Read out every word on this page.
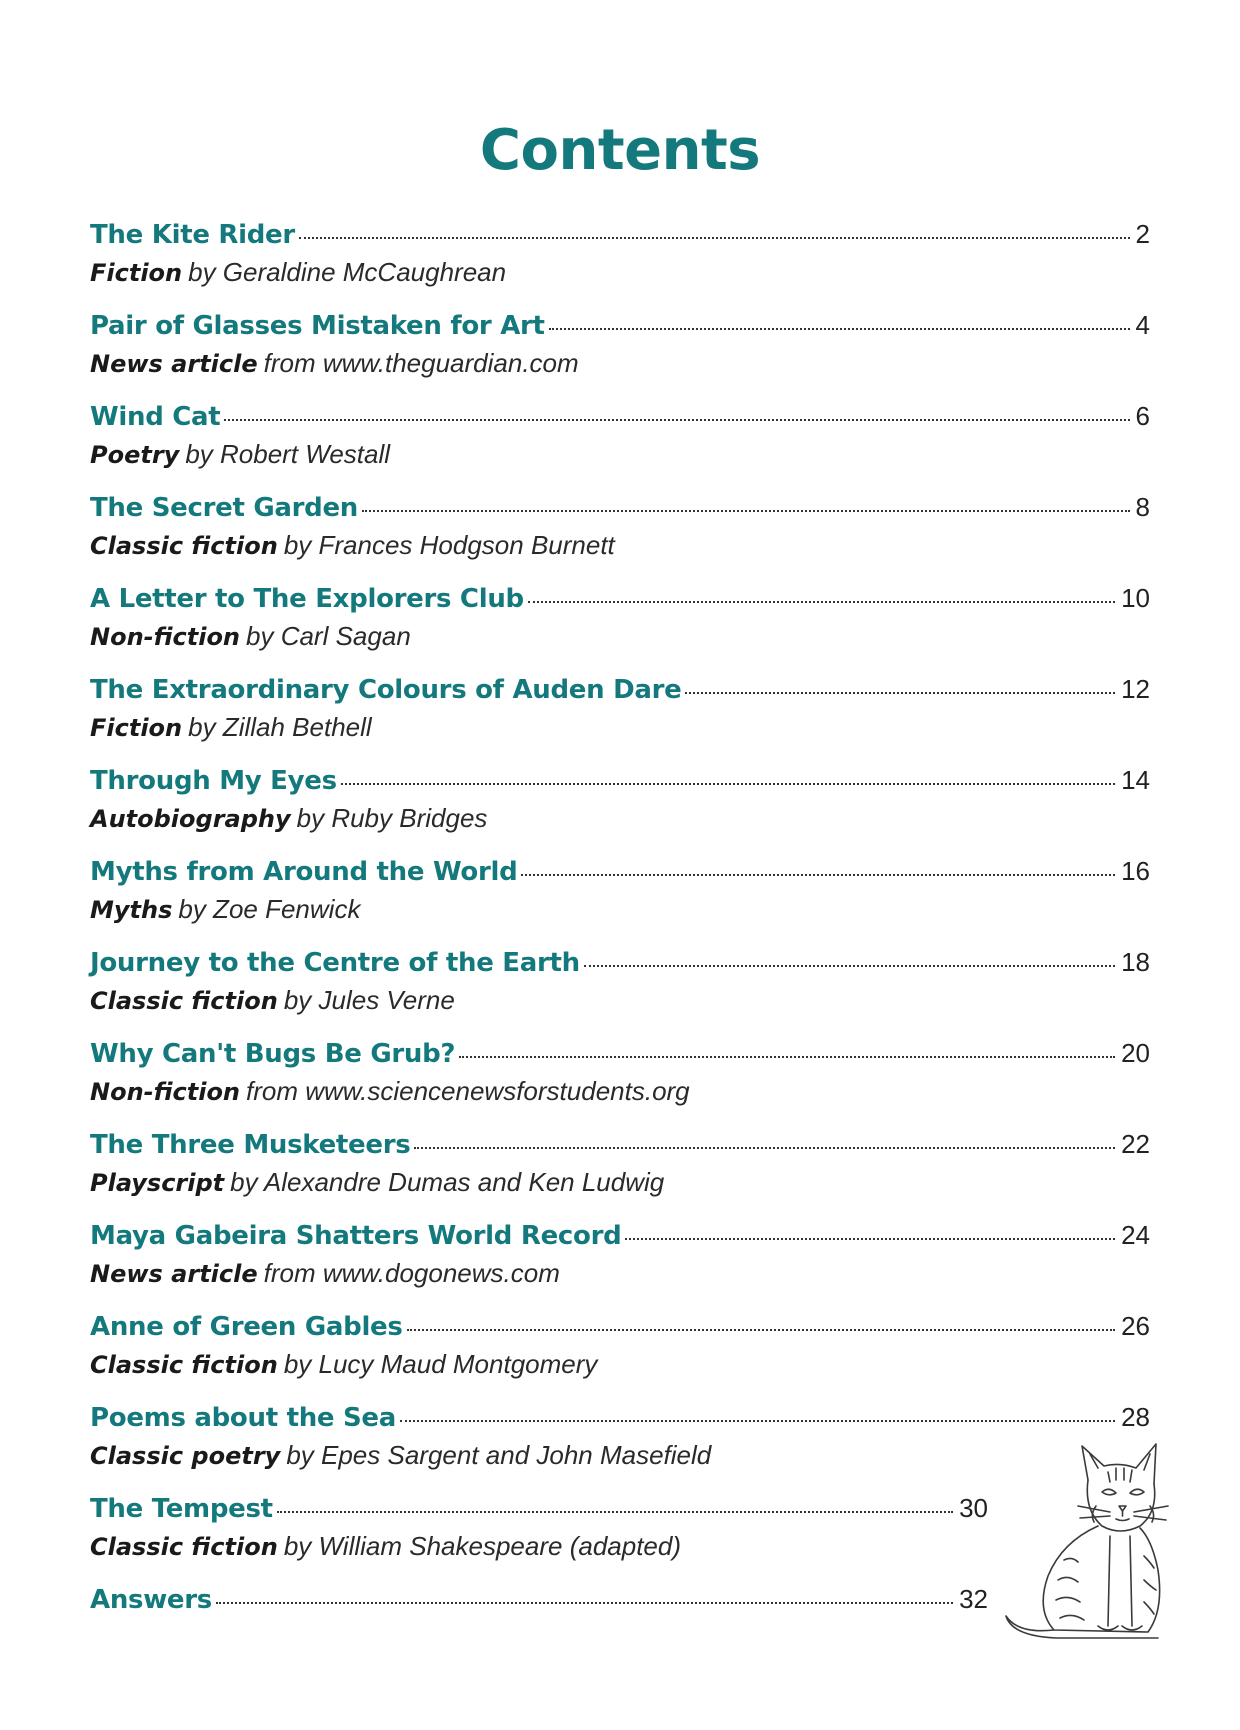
Contents
The Kite Rider	2
Fiction by Geraldine McCaughrean
Pair of Glasses Mistaken for Art	4
News article from www.theguardian.com
Wind Cat	6
Poetry by Robert Westall
The Secret Garden	8
Classic fiction by Frances Hodgson Burnett
A Letter to The Explorers Club	10
Non-fiction by Carl Sagan
The Extraordinary Colours of Auden Dare	12
Fiction by Zillah Bethell
Through My Eyes	14
Autobiography by Ruby Bridges
Myths from Around the World	16
Myths by Zoe Fenwick
Journey to the Centre of the Earth	18
Classic fiction by Jules Verne
Why Can't Bugs Be Grub?	20
Non-fiction from www.sciencenewsforstudents.org
The Three Musketeers	22
Playscript by Alexandre Dumas and Ken Ludwig
Maya Gabeira Shatters World Record	24
News article from www.dogonews.com
Anne of Green Gables	26
Classic fiction by Lucy Maud Montgomery
Poems about the Sea	28
Classic poetry by Epes Sargent and John Masefield
The Tempest	30
Classic fiction by William Shakespeare (adapted)
Answers	32
